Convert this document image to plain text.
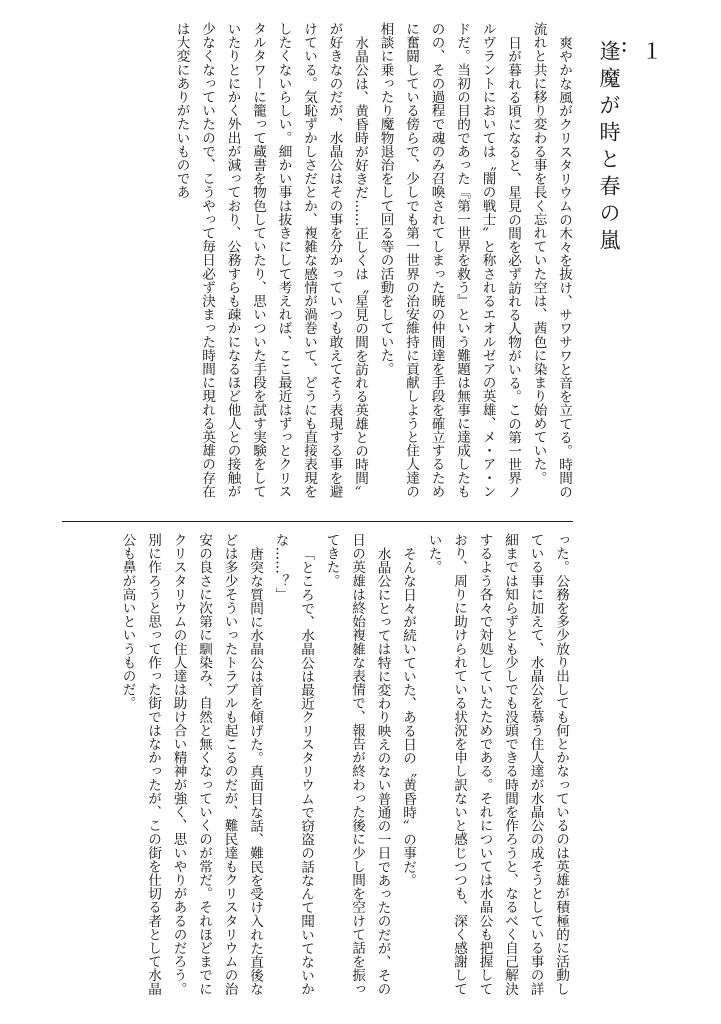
１
‥
逢魔が時と春の嵐

爽やかな風がクリスタリウムの木々を抜け、サワサワと音を立てる。時間の流れと共に移り変わる事を長く忘れていた空は、茜色に染まり始めていた。

日が暮れる頃になると、星見の間を必ず訪れる人物がいる。この第一世界ノルヴラントにおいては〝闇の戦士〟と称されるエオルゼアの英雄、メ・ア・ンドだ。当初の目的であった『第一世界を救う』という難題は無事に達成したものの、その過程で魂のみ召喚されてしまった暁の仲間達を手段を確立するために奮闘している傍らで、少しでも第一世界の治安維持に貢献しようと住人達の相談に乗ったり魔物退治をして回る等の活動をしていた。

水晶公は、黄昏時が好きだ……正しくは〝星見の間を訪れる英雄との時間〟が好きなのだが、水晶公はその事を分かっていつも敢えてそう表現する事を避けている。気恥ずかしさだとか、複雑な感情が渦巻いて、どうにも直接表現をしたくないらしい。細かい事は抜きにして考えれば、ここ最近はずっとクリスタルタワーに籠って蔵書を物色していたり、思いついた手段を試す実験をしていたりとにかく外出が減っており、公務すらも疎かになるほど他人との接触が少なくなっていたので、こうやって毎日必ず決まった時間に現れる英雄の存在は大変にありがたいものであ

った。公務を多少放り出しても何とかなっているのは英雄が積極的に活動している事に加えて、水晶公を慕う住人達が水晶公の成そうとしている事の詳細までは知らずとも少しでも没頭できる時間を作ろうと、なるべく自己解決するよう各々で対処していたためである。それについては水晶公も把握しており、周りに助けられている状況を申し訳ないと感じつつも、深く感謝していた。

そんな日々が続いていた、ある日の〝黄昏時〟の事だ。

水晶公にとっては特に変わり映えのない普通の一日であったのだが、その日の英雄は終始複雑な表情で、報告が終わった後に少し間を空けて話を振ってきた。

「ところで、水晶公は最近クリスタリウムで窃盗の話なんて聞いてないかな……？」

唐突な質問に水晶公は首を傾げた。真面目な話、難民を受け入れた直後などは多少そういったトラブルも起こるのだが、難民達もクリスタリウムの治安の良さに次第に馴染み、自然と無くなっていくのが常だ。それほどまでにクリスタリウムの住人達は助け合い精神が強く、思いやりがあるのだろう。別に作ろうと思って作った街ではなかったが、この街を仕切る者として水晶公も鼻が高いというものだ。
